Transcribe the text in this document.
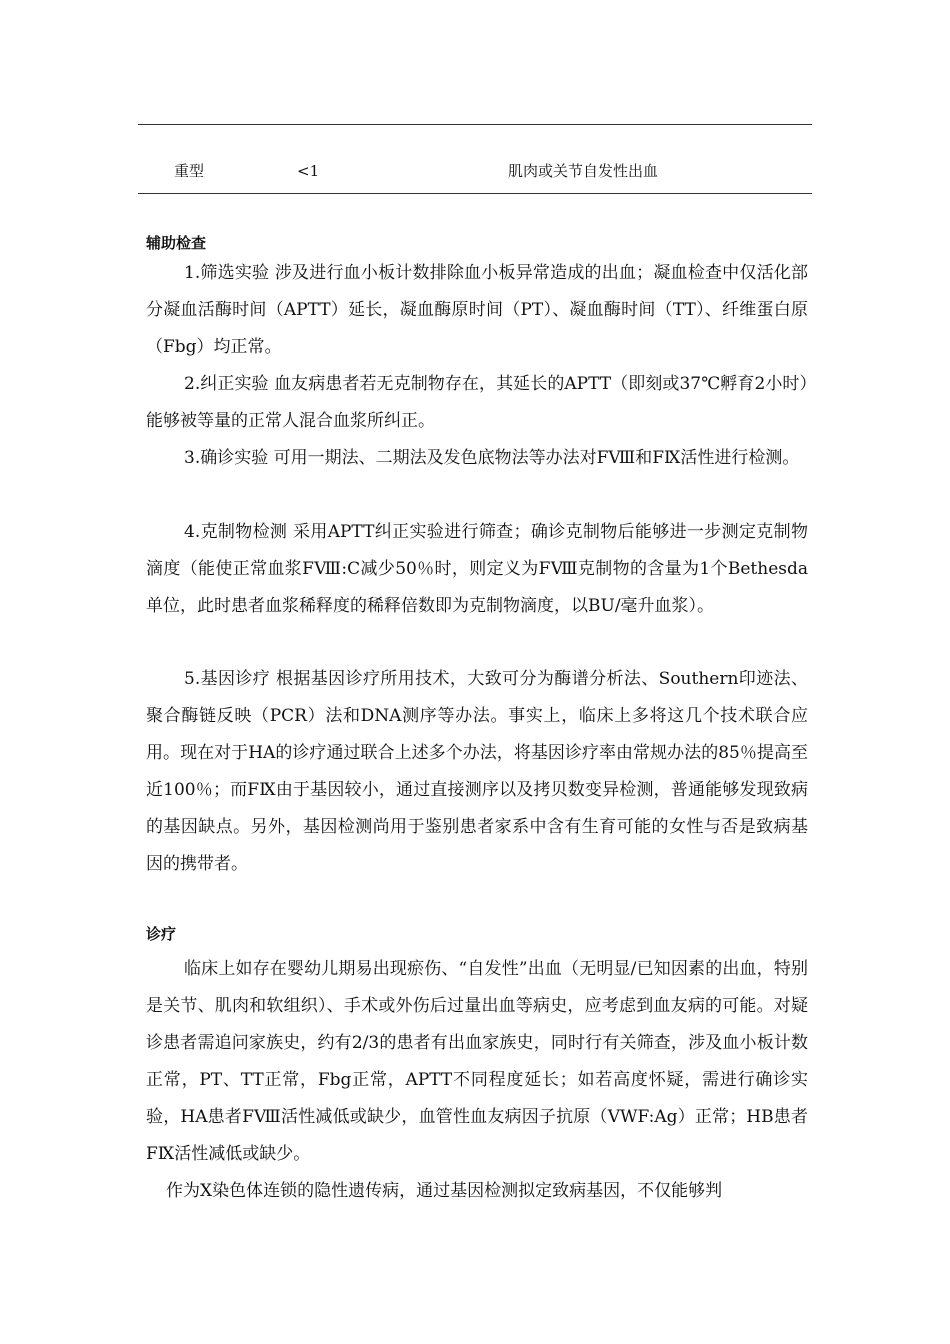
重型	<1	肌肉或关节自发性出血
辅助检查

1.筛选实验 涉及进行血小板计数排除血小板异常造成的出血；凝血检查中仅活化部分凝血活酶时间（APTT）延长，凝血酶原时间（PT）、凝血酶时间（TT）、纤维蛋白原（Fbg）均正常。

2.纠正实验 血友病患者若无克制物存在，其延长的APTT（即刻或37℃孵育2小时）能够被等量的正常人混合血浆所纠正。

3.确诊实验 可用一期法、二期法及发色底物法等办法对FⅧ和FⅨ活性进行检测。

4.克制物检测 采用APTT纠正实验进行筛查；确诊克制物后能够进一步测定克制物滴度（能使正常血浆FⅧ:C减少50％时，则定义为FⅧ克制物的含量为1个Bethesda单位，此时患者血浆稀释度的稀释倍数即为克制物滴度，以BU/毫升血浆）。

5.基因诊疗 根据基因诊疗所用技术，大致可分为酶谱分析法、Southern印迹法、聚合酶链反映（PCR）法和DNA测序等办法。事实上，临床上多将这几个技术联合应用。现在对于HA的诊疗通过联合上述多个办法，将基因诊疗率由常规办法的85％提高至近100％；而FⅨ由于基因较小，通过直接测序以及拷贝数变异检测，普通能够发现致病的基因缺点。另外，基因检测尚用于鉴别患者家系中含有生育可能的女性与否是致病基因的携带者。

诊疗

临床上如存在婴幼儿期易出现瘀伤、“自发性”出血（无明显/已知因素的出血，特别是关节、肌肉和软组织）、手术或外伤后过量出血等病史，应考虑到血友病的可能。对疑诊患者需追问家族史，约有2/3的患者有出血家族史，同时行有关筛查，涉及血小板计数正常，PT、TT正常，Fbg正常，APTT不同程度延长；如若高度怀疑，需进行确诊实验，HA患者FⅧ活性减低或缺少，血管性血友病因子抗原（VWF:Ag）正常；HB患者FⅨ活性减低或缺少。

作为X染色体连锁的隐性遗传病，通过基因检测拟定致病基因，不仅能够判
